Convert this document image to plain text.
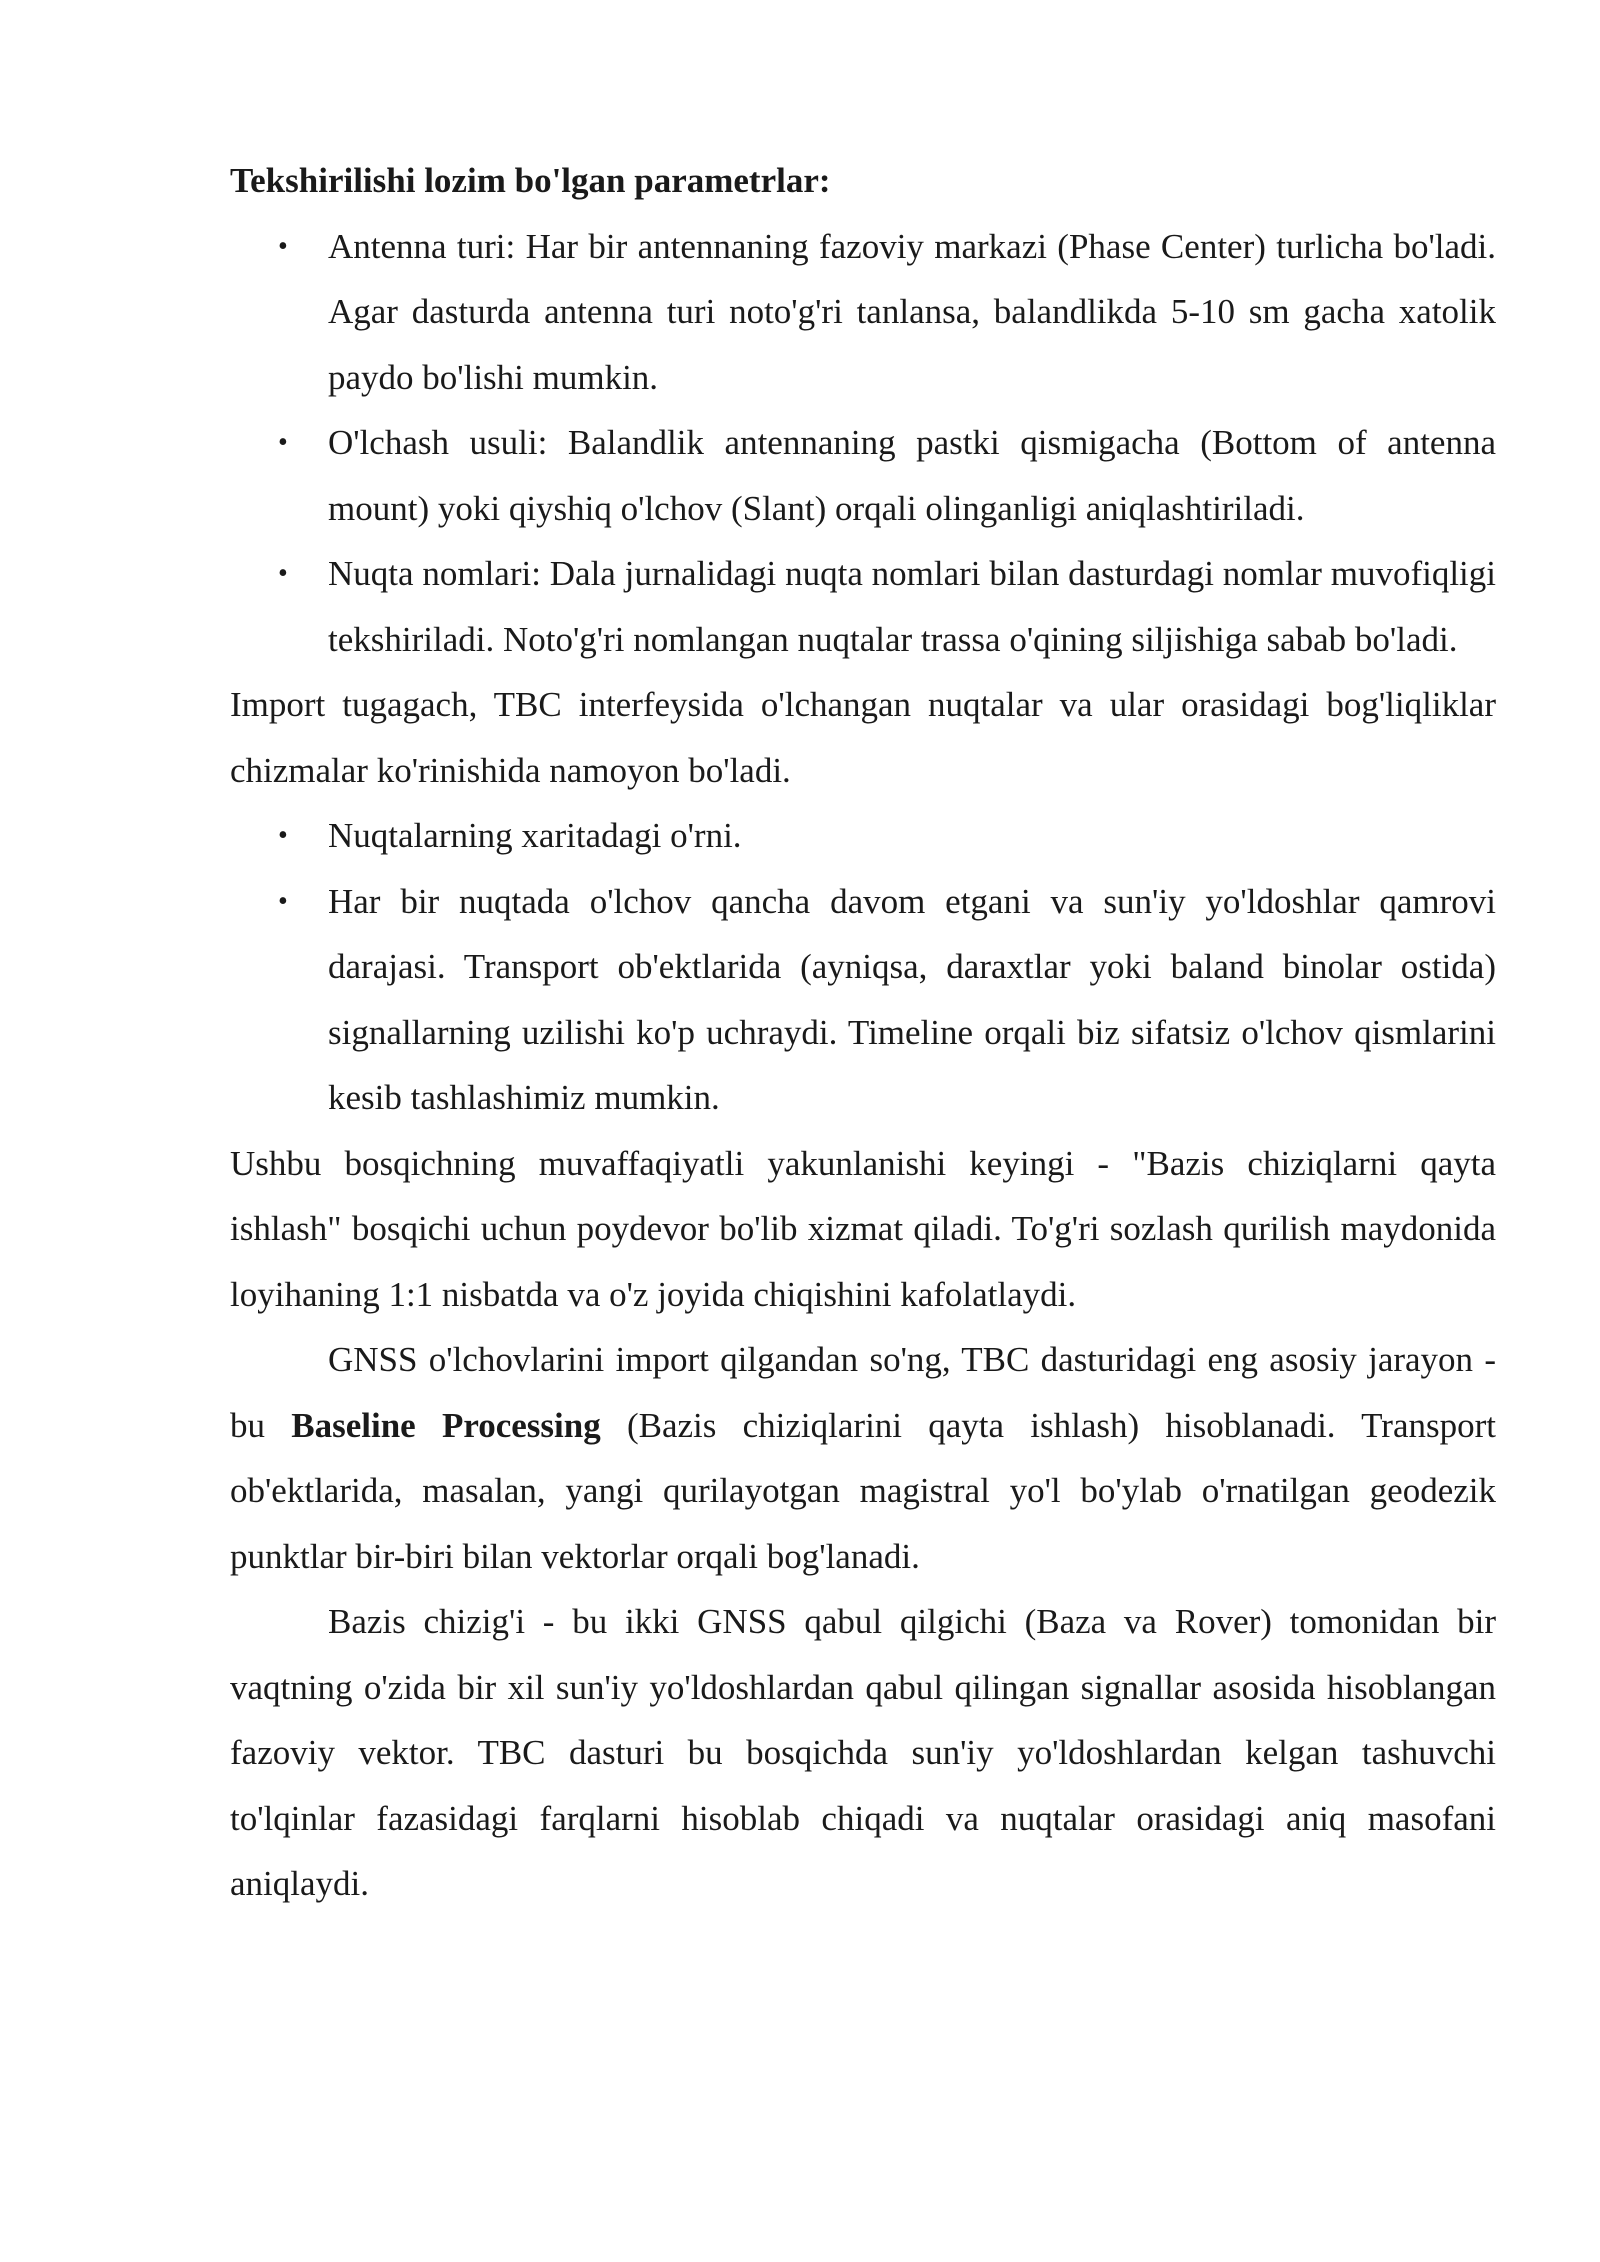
Tekshirilishi lozim bo'lgan parametrlar:

• Antenna turi: Har bir antennaning fazoviy markazi (Phase Center) turlicha bo'ladi. Agar dasturda antenna turi noto'g'ri tanlansa, balandlikda 5-10 sm gacha xatolik paydo bo'lishi mumkin.
• O'lchash usuli: Balandlik antennaning pastki qismigacha (Bottom of antenna mount) yoki qiyshiq o'lchov (Slant) orqali olinganligi aniqlashtiriladi.
• Nuqta nomlari: Dala jurnalidagi nuqta nomlari bilan dasturdagi nomlar muvofiqligi tekshiriladi. Noto'g'ri nomlangan nuqtalar trassa o'qining siljishiga sabab bo'ladi.

Import tugagach, TBC interfeysida o'lchangan nuqtalar va ular orasidagi bog'liqliklar chizmalar ko'rinishida namoyon bo'ladi.

• Nuqtalarning xaritadagi o'rni.
• Har bir nuqtada o'lchov qancha davom etgani va sun'iy yo'ldoshlar qamrovi darajasi. Transport ob'ektlarida (ayniqsa, daraxtlar yoki baland binolar ostida) signallarning uzilishi ko'p uchraydi. Timeline orqali biz sifatsiz o'lchov qismlarini kesib tashlashimiz mumkin.

Ushbu bosqichning muvaffaqiyatli yakunlanishi keyingi - "Bazis chiziqlarni qayta ishlash" bosqichi uchun poydevor bo'lib xizmat qiladi. To'g'ri sozlash qurilish maydonida loyihaning 1:1 nisbatda va o'z joyida chiqishini kafolatlaydi.

GNSS o'lchovlarini import qilgandan so'ng, TBC dasturidagi eng asosiy jarayon - bu Baseline Processing (Bazis chiziqlarini qayta ishlash) hisoblanadi. Transport ob'ektlarida, masalan, yangi qurilayotgan magistral yo'l bo'ylab o'rnatilgan geodezik punktlar bir-biri bilan vektorlar orqali bog'lanadi.

Bazis chizig'i - bu ikki GNSS qabul qilgichi (Baza va Rover) tomonidan bir vaqtning o'zida bir xil sun'iy yo'ldoshlardan qabul qilingan signallar asosida hisoblangan fazoviy vektor. TBC dasturi bu bosqichda sun'iy yo'ldoshlardan kelgan tashuvchi to'lqinlar fazasidagi farqlarni hisoblab chiqadi va nuqtalar orasidagi aniq masofani aniqlaydi.
